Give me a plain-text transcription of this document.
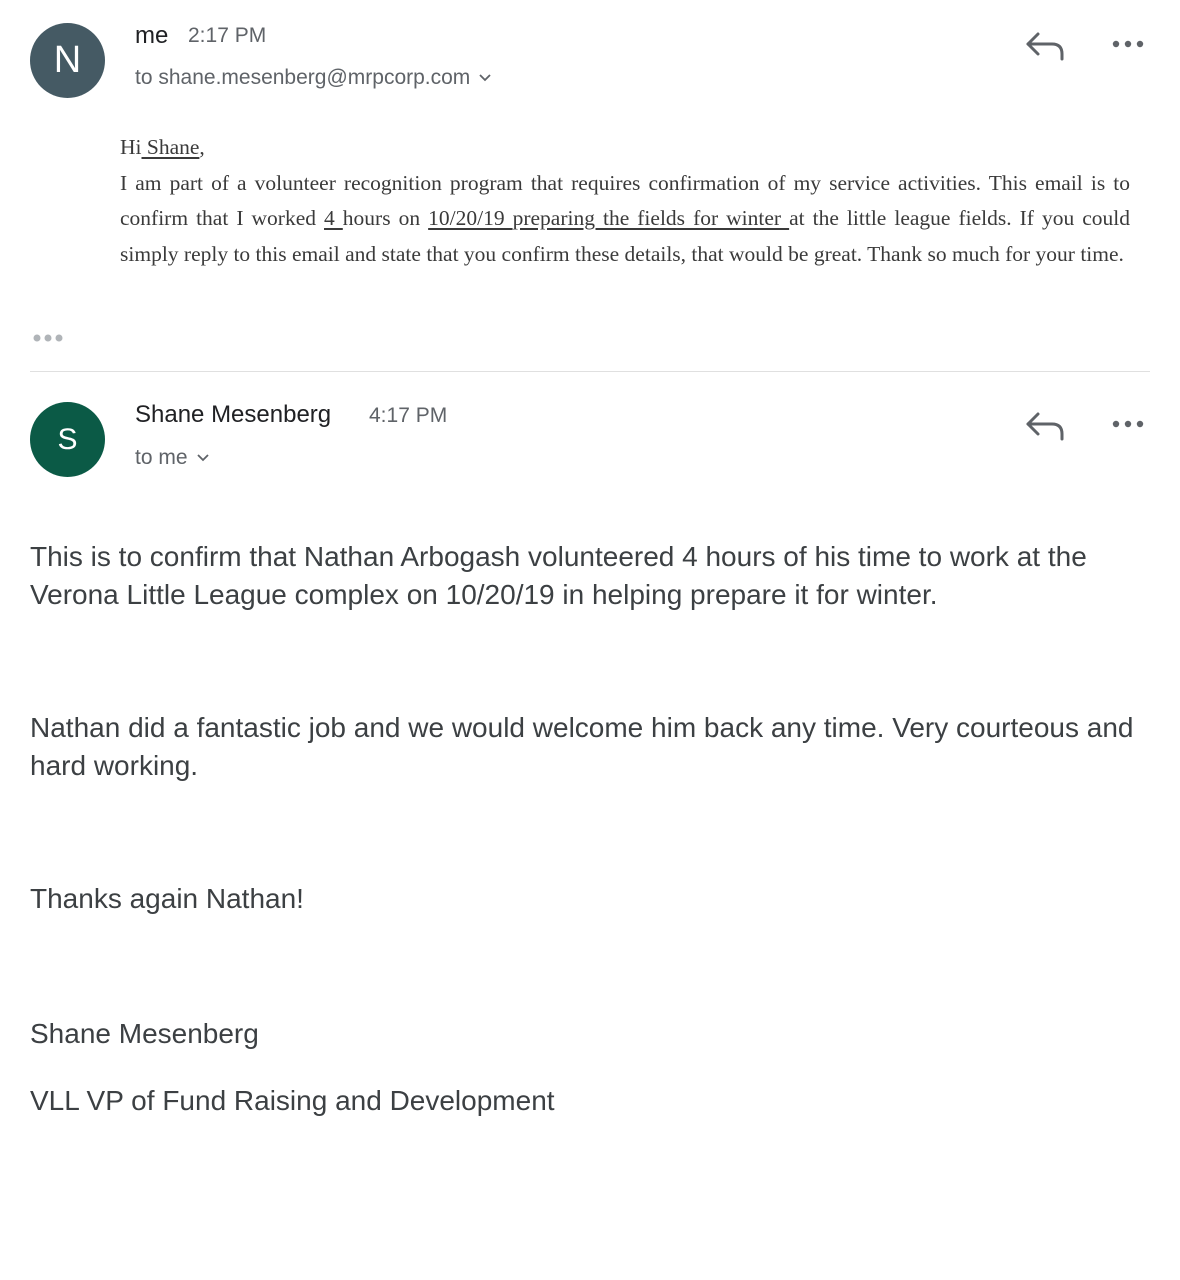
N
me 2:17 PM
to shane.mesenberg@mrpcorp.com

Hi Shane,

I am part of a volunteer recognition program that requires confirmation of my service activities. This email is to confirm that I worked 4 hours on 10/20/19 preparing the fields for winter at the little league fields. If you could simply reply to this email and state that you confirm these details, that would be great. Thank so much for your time.

S
Shane Mesenberg 4:17 PM
to me

This is to confirm that Nathan Arbogash volunteered 4 hours of his time to work at the Verona Little League complex on 10/20/19 in helping prepare it for winter.

Nathan did a fantastic job and we would welcome him back any time. Very courteous and hard working.

Thanks again Nathan!

Shane Mesenberg

VLL VP of Fund Raising and Development
